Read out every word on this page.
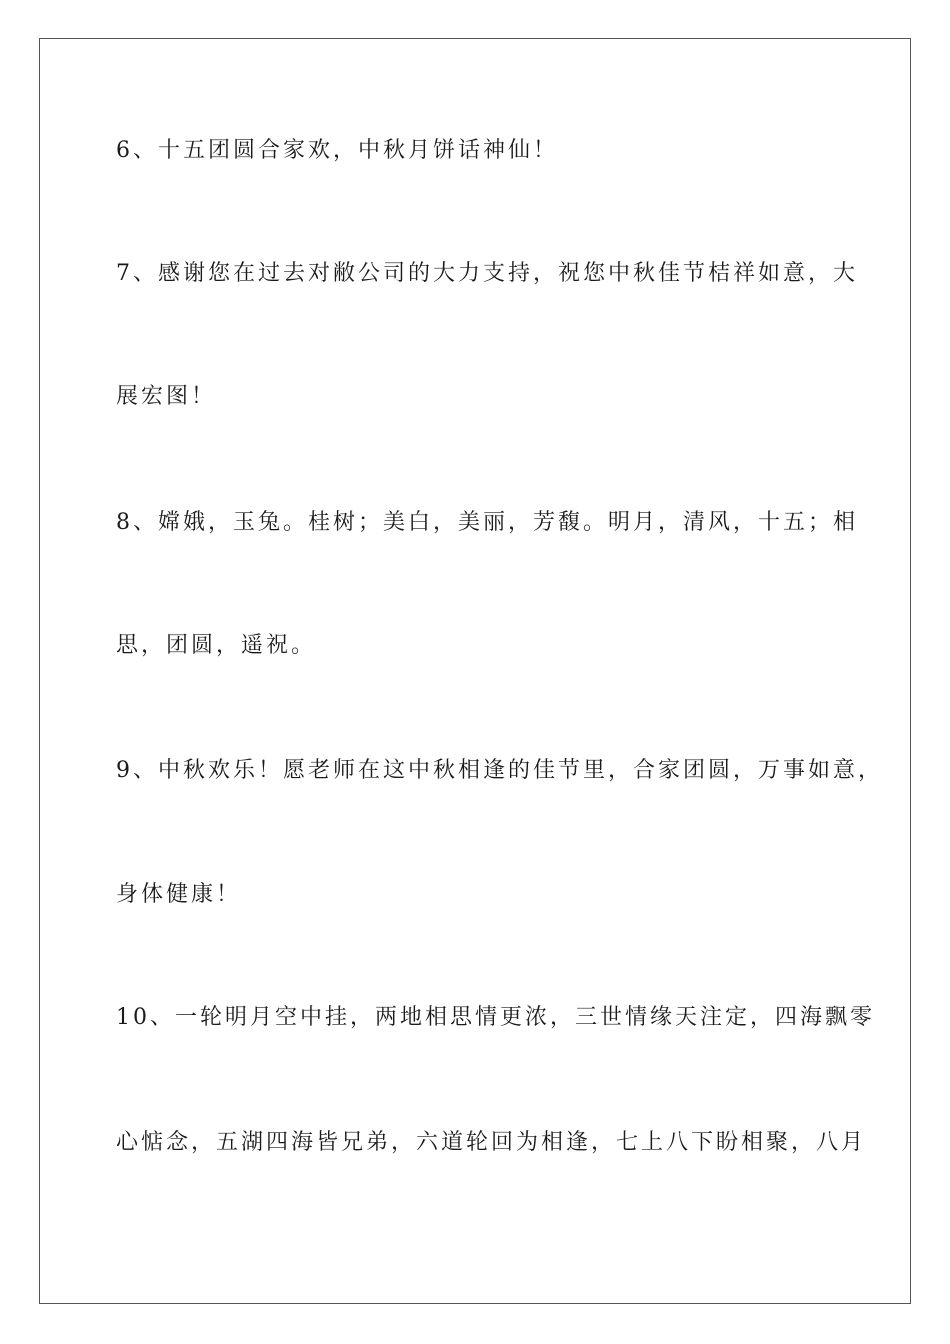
6、十五团圆合家欢，中秋月饼话神仙！
7、感谢您在过去对敝公司的大力支持，祝您中秋佳节桔祥如意，大
展宏图！
8、嫦娥，玉兔。桂树；美白，美丽，芳馥。明月，清风，十五；相
思，团圆，遥祝。
9、中秋欢乐！愿老师在这中秋相逢的佳节里，合家团圆，万事如意，
身体健康！
10、一轮明月空中挂，两地相思情更浓，三世情缘天注定，四海飘零
心惦念，五湖四海皆兄弟，六道轮回为相逢，七上八下盼相聚，八月
